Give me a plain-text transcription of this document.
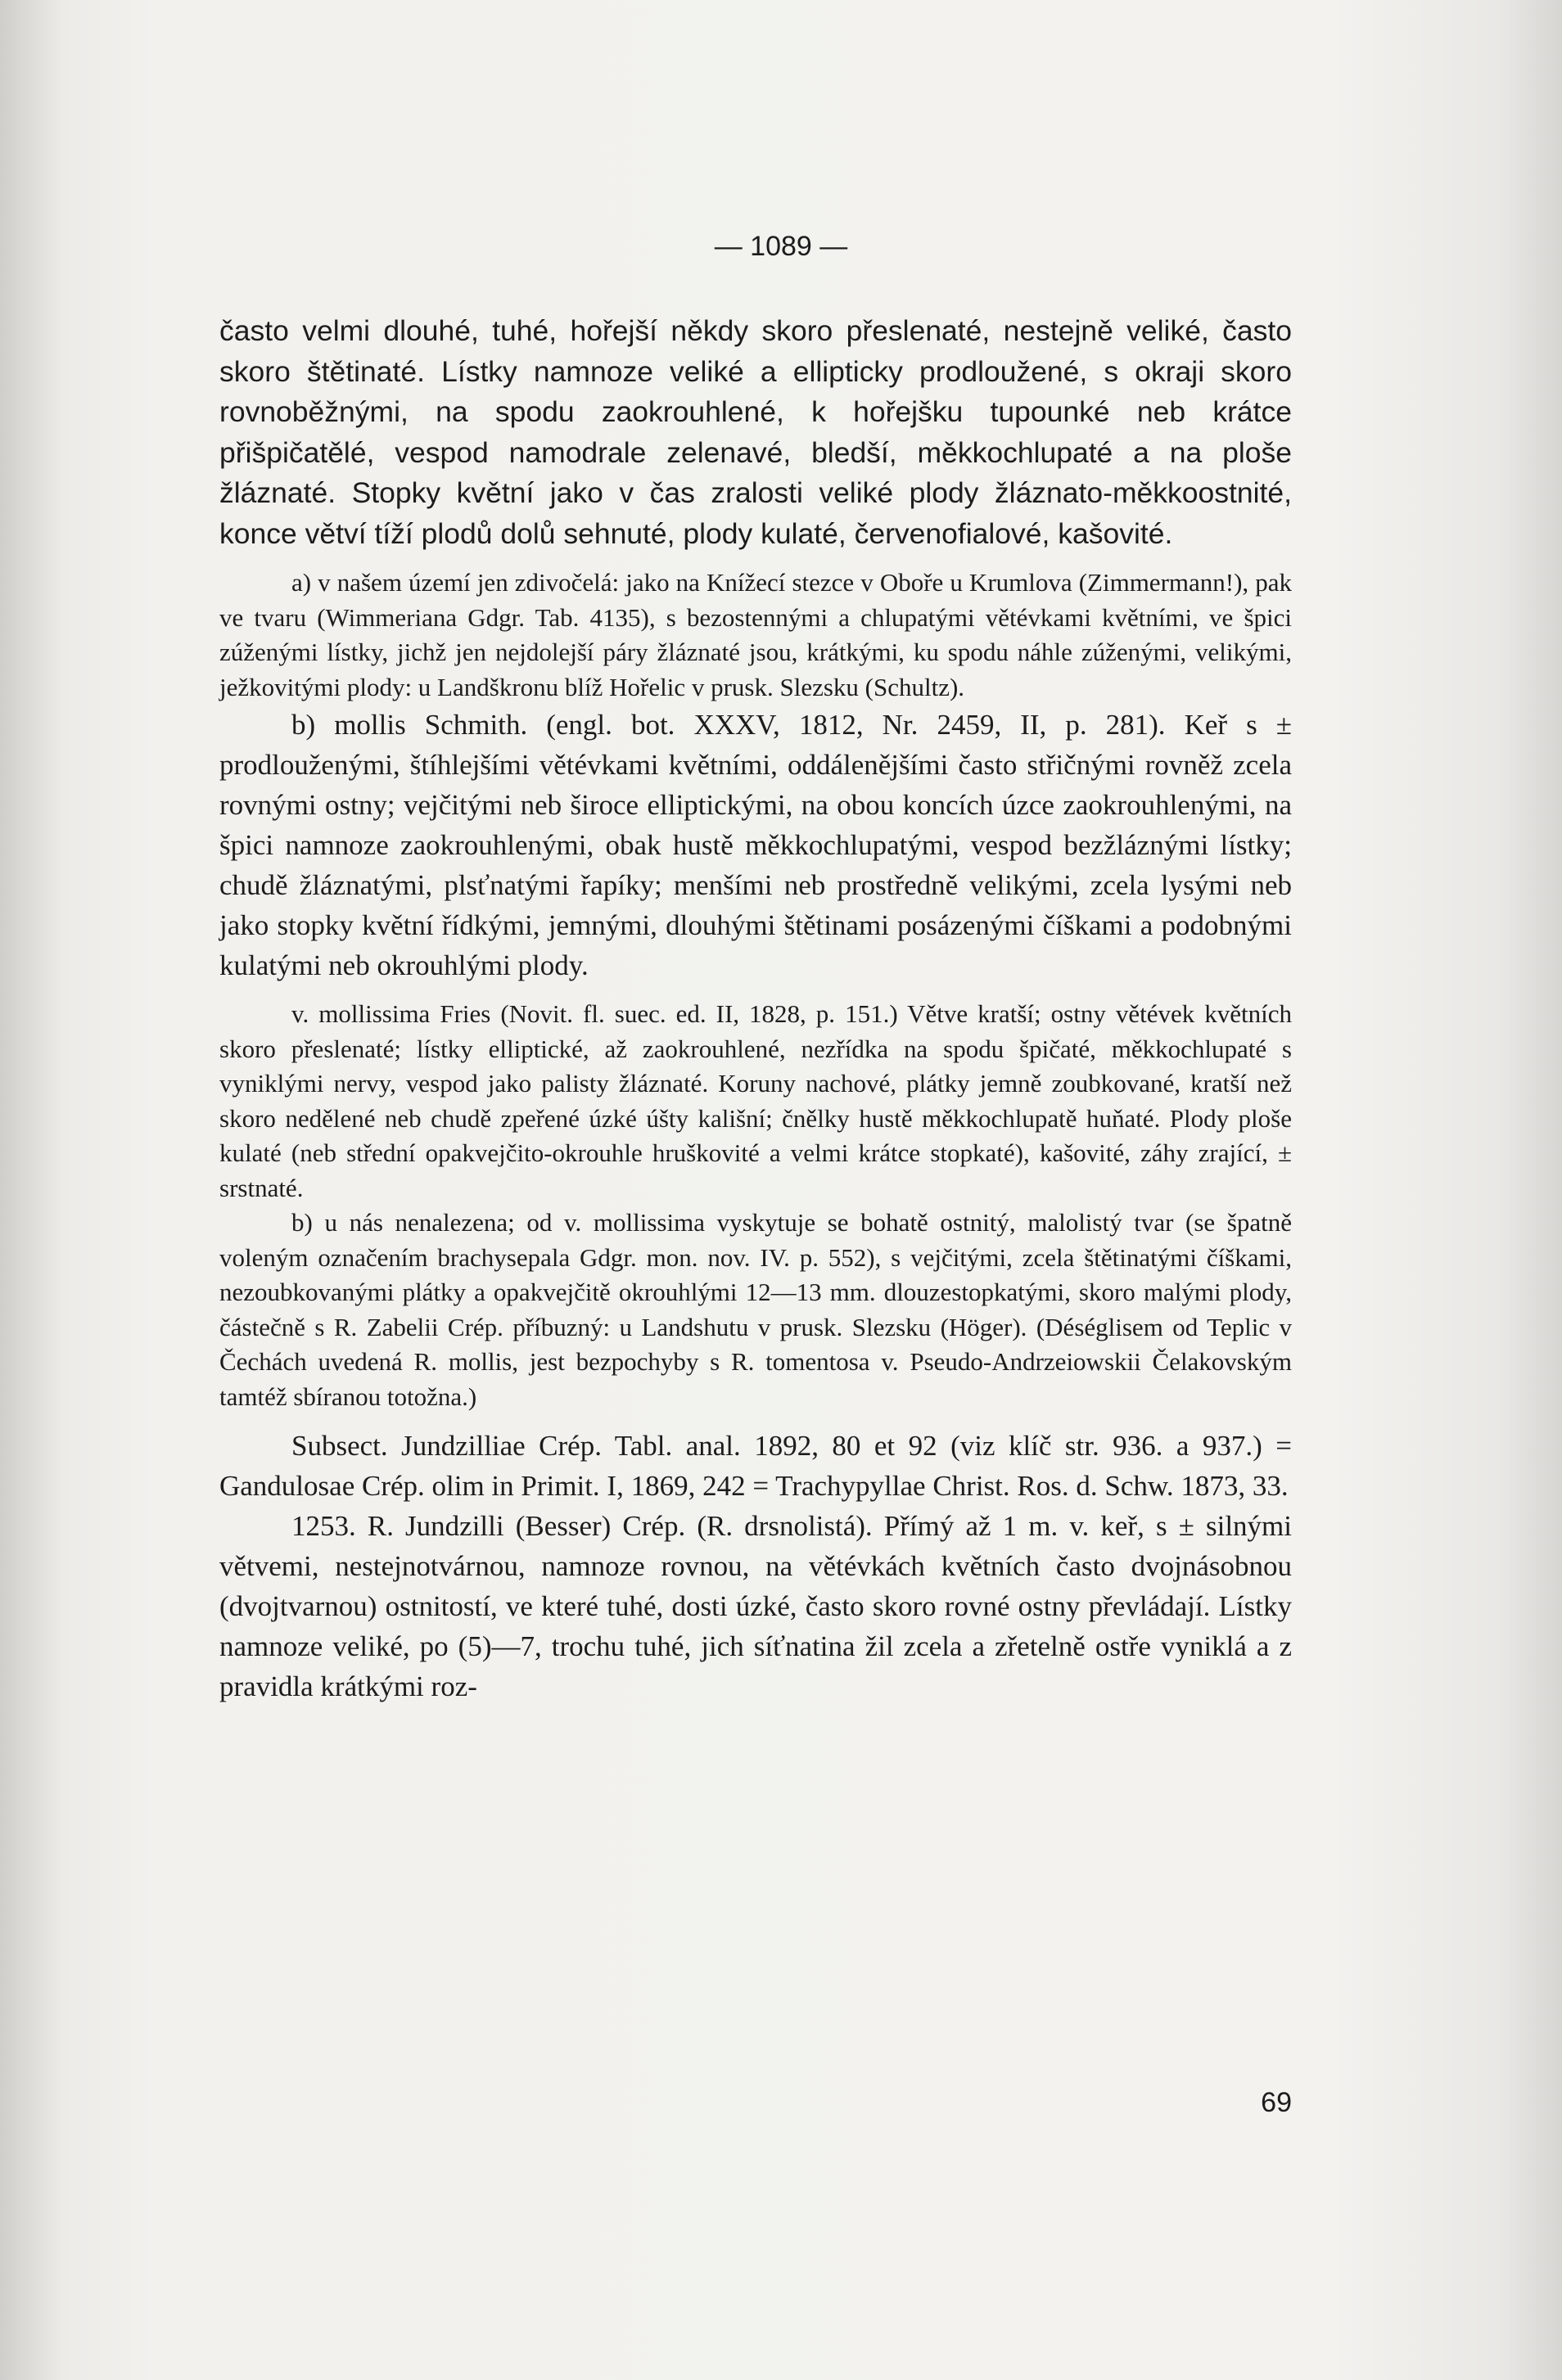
— 1089 —

často velmi dlouhé, tuhé, hořejší někdy skoro přeslenaté, nestejně veliké, často skoro štětinaté. Lístky namnoze veliké a ellipticky prodloužené, s okraji skoro rovnoběžnými, na spodu zaokrouhlené, k hořejšku tupounké neb krátce přišpičatělé, vespod namodrale zelenavé, bledší, měkkochlupaté a na ploše žláznaté. Stopky květní jako v čas zralosti veliké plody žláznato-měkkoostnité, konce větví tíží plodů dolů sehnuté, plody kulaté, červenofialové, kašovité.

a) v našem území jen zdivočelá: jako na Knížecí stezce v Oboře u Krumlova (Zimmermann!), pak ve tvaru (Wimmeriana Gdgr. Tab. 4135), s bezostennými a chlupatými větévkami květními, ve špici zúženými lístky, jichž jen nejdolejší páry žláznaté jsou, krátkými, ku spodu náhle zúženými, velikými, ježkovitými plody: u Landškronu blíž Hořelic v prusk. Slezsku (Schultz).

b) mollis Schmith. (engl. bot. XXXV, 1812, Nr. 2459, II, p. 281). Keř s ± prodlouženými, štíhlejšími větévkami květními, oddálenějšími často střičnými rovněž zcela rovnými ostny; vejčitými neb široce elliptickými, na obou koncích úzce zaokrouhlenými, na špici namnoze zaokrouhlenými, obak hustě měkkochlupatými, vespod bezžláznými lístky; chudě žláznatými, plsťnatými řapíky; menšími neb prostředně velikými, zcela lysými neb jako stopky květní řídkými, jemnými, dlouhými štětinami posázenými číškami a podobnými kulatými neb okrouhlými plody.

v. mollissima Fries (Novit. fl. suec. ed. II, 1828, p. 151.) Větve kratší; ostny větévek květních skoro přeslenaté; lístky elliptické, až zaokrouhlené, nezřídka na spodu špičaté, měkkochlupaté s vyniklými nervy, vespod jako palisty žláznaté. Koruny nachové, plátky jemně zoubkované, kratší než skoro nedělené neb chudě zpeřené úzké úšty kališní; čnělky hustě měkkochlupatě huňaté. Plody ploše kulaté (neb střední opakvejčito-okrouhle hruškovité a velmi krátce stopkaté), kašovité, záhy zrající, ± srstnaté.

b) u nás nenalezena; od v. mollissima vyskytuje se bohatě ostnitý, malolistý tvar (se špatně voleným označením brachysepala Gdgr. mon. nov. IV. p. 552), s vejčitými, zcela štětinatými číškami, nezoubkovanými plátky a opakvejčitě okrouhlými 12—13 mm. dlouzestopkatými, skoro malými plody, částečně s R. Zabelii Crép. příbuzný: u Landshutu v prusk. Slezsku (Höger). (Déséglisem od Teplic v Čechách uvedená R. mollis, jest bezpochyby s R. tomentosa v. Pseudo-Andrzeiowskii Čelakovským tamtéž sbíranou totožna.)

Subsect. Jundzilliae Crép. Tabl. anal. 1892, 80 et 92 (viz klíč str. 936. a 937.) = Gandulosae Crép. olim in Primit. I, 1869, 242 = Trachypyllae Christ. Ros. d. Schw. 1873, 33.

1253. R. Jundzilli (Besser) Crép. (R. drsnolistá). Přímý až 1 m. v. keř, s ± silnými větvemi, nestejnotvárnou, namnoze rovnou, na větévkách květních často dvojnásobnou (dvojtvarnou) ostnitostí, ve které tuhé, dosti úzké, často skoro rovné ostny převládají. Lístky namnoze veliké, po (5)—7, trochu tuhé, jich síťnatina žil zcela a zřetelně ostře vyniklá a z pravidla krátkými roz-

69
